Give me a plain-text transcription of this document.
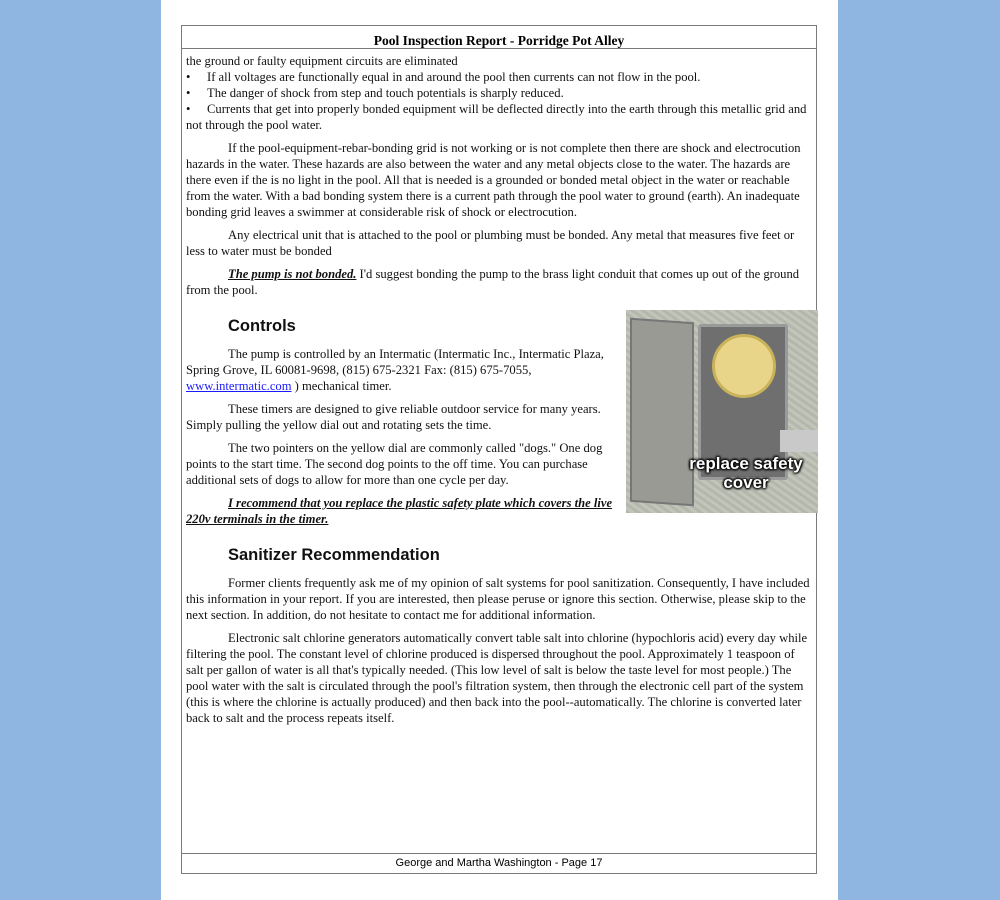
Pool Inspection Report - Porridge Pot Alley

the ground or faulty equipment circuits are eliminated

•	If all voltages are functionally equal in and around the pool then currents can not flow in the pool.
•	The danger of shock from step and touch potentials is sharply reduced.
• Currents that get into properly bonded equipment will be deflected directly into the earth through this metallic grid and not through the pool water.

If the pool-equipment-rebar-bonding grid is not working or is not complete then there are shock and electrocution hazards in the water. These hazards are also between the water and any metal objects close to the water. The hazards are there even if the is no light in the pool. All that is needed is a grounded or bonded metal object in the water or reachable from the water. With a bad bonding system there is a current path through the pool water to ground (earth). An inadequate bonding grid leaves a swimmer at considerable risk of shock or electrocution.

Any electrical unit that is attached to the pool or plumbing must be bonded. Any metal that measures five feet or less to water must be bonded

The pump is not bonded. I'd suggest bonding the pump to the brass light conduit that comes up out of the ground from the pool.

replace safety cover
Controls

The pump is controlled by an Intermatic (Intermatic Inc., Intermatic Plaza, Spring Grove, IL 60081-9698, (815) 675-2321 Fax: (815) 675-7055, www.intermatic.com ) mechanical timer.

These timers are designed to give reliable outdoor service for many years. Simply pulling the yellow dial out and rotating sets the time.

The two pointers on the yellow dial are commonly called "dogs." One dog points to the start time. The second dog points to the off time. You can purchase additional sets of dogs to allow for more than one cycle per day.

I recommend that you replace the plastic safety plate which covers the live 220v terminals in the timer.

Sanitizer Recommendation

Former clients frequently ask me of my opinion of salt systems for pool sanitization. Consequently, I have included this information in your report. If you are interested, then please peruse or ignore this section. Otherwise, please skip to the next section. In addition, do not hesitate to contact me for additional information.

Electronic salt chlorine generators automatically convert table salt into chlorine (hypochloris acid) every day while filtering the pool. The constant level of chlorine produced is dispersed throughout the pool. Approximately 1 teaspoon of salt per gallon of water is all that's typically needed. (This low level of salt is below the taste level for most people.) The pool water with the salt is circulated through the pool's filtration system, then through the electronic cell part of the system (this is where the chlorine is actually produced) and then back into the pool--automatically. The chlorine is converted later back to salt and the process repeats itself.

George and Martha Washington - Page 17
